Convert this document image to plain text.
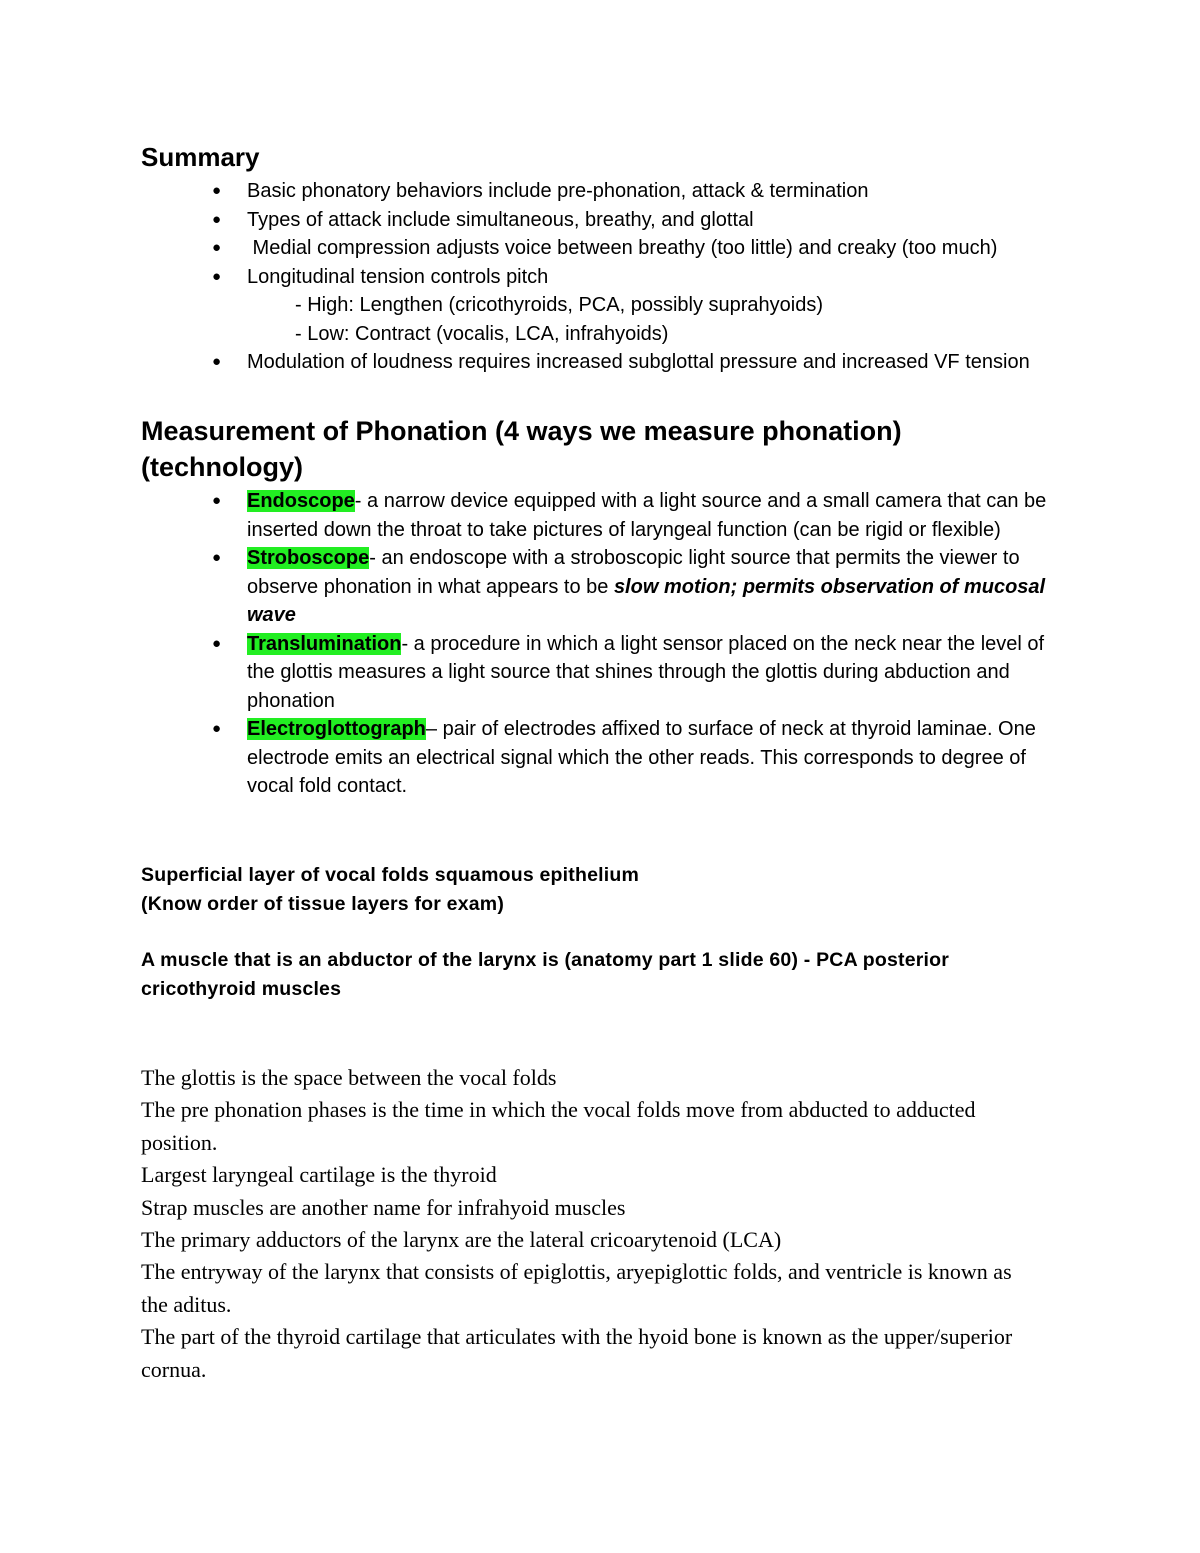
Summary
● Basic phonatory behaviors include pre-phonation, attack & termination
● Types of attack include simultaneous, breathy, and glottal
● Medial compression adjusts voice between breathy (too little) and creaky (too much)
● Longitudinal tension controls pitch
- High: Lengthen (cricothyroids, PCA, possibly suprahyoids)
- Low: Contract (vocalis, LCA, infrahyoids)
● Modulation of loudness requires increased subglottal pressure and increased VF tension
Measurement of Phonation (4 ways we measure phonation) (technology)
● Endoscope- a narrow device equipped with a light source and a small camera that can be inserted down the throat to take pictures of laryngeal function (can be rigid or flexible)
● Stroboscope- an endoscope with a stroboscopic light source that permits the viewer to observe phonation in what appears to be slow motion; permits observation of mucosal wave
● Translumination- a procedure in which a light sensor placed on the neck near the level of the glottis measures a light source that shines through the glottis during abduction and phonation
● Electroglottograph– pair of electrodes affixed to surface of neck at thyroid laminae. One electrode emits an electrical signal which the other reads. This corresponds to degree of vocal fold contact.
Superficial layer of vocal folds squamous epithelium
(Know order of tissue layers for exam)
A muscle that is an abductor of the larynx is (anatomy part 1 slide 60) - PCA posterior cricothyroid muscles

The glottis is the space between the vocal folds

The pre phonation phases is the time in which the vocal folds move from abducted to adducted position.

Largest laryngeal cartilage is the thyroid

Strap muscles are another name for infrahyoid muscles

The primary adductors of the larynx are the lateral cricoarytenoid (LCA)

The entryway of the larynx that consists of epiglottis, aryepiglottic folds, and ventricle is known as the aditus.

The part of the thyroid cartilage that articulates with the hyoid bone is known as the upper/superior cornua.
